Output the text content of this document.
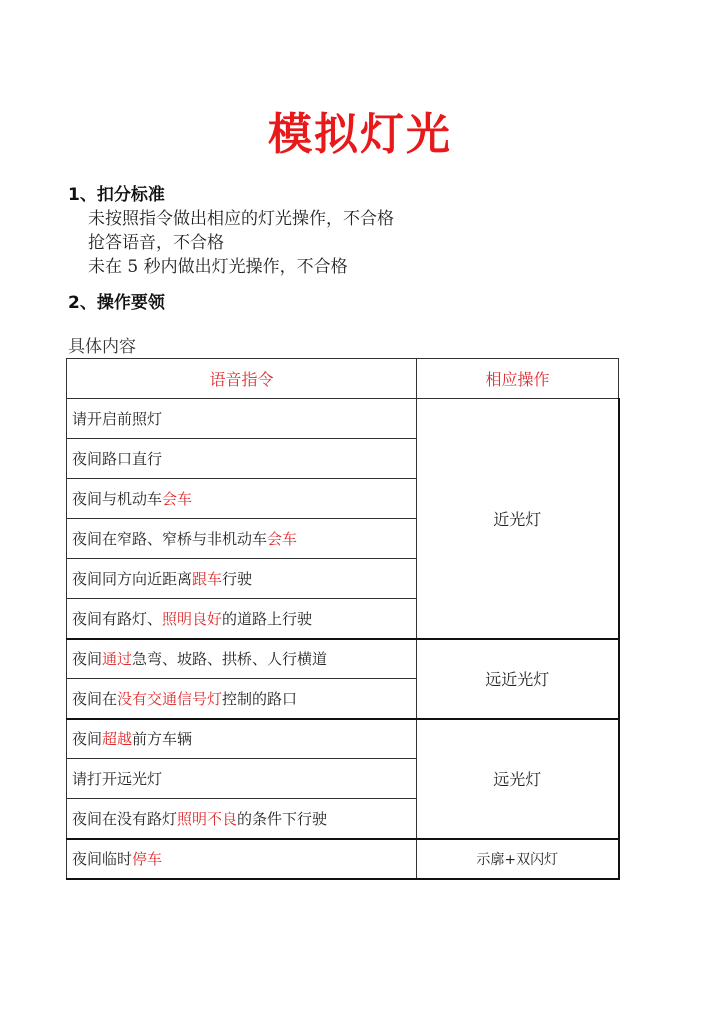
模拟灯光
1、扣分标准
未按照指令做出相应的灯光操作，不合格
抢答语音，不合格
未在 5 秒内做出灯光操作，不合格
2、操作要领
具体内容
语音指令	相应操作
请开启前照灯	近光灯
夜间路口直行	
夜间与机动车会车	
夜间在窄路、窄桥与非机动车会车	
夜间同方向近距离跟车行驶	
夜间有路灯、照明良好的道路上行驶	
夜间通过急弯、坡路、拱桥、人行横道	远近光灯
夜间在没有交通信号灯控制的路口	
夜间超越前方车辆	远光灯
请打开远光灯	
夜间在没有路灯照明不良的条件下行驶	
夜间临时停车	示廓+双闪灯
